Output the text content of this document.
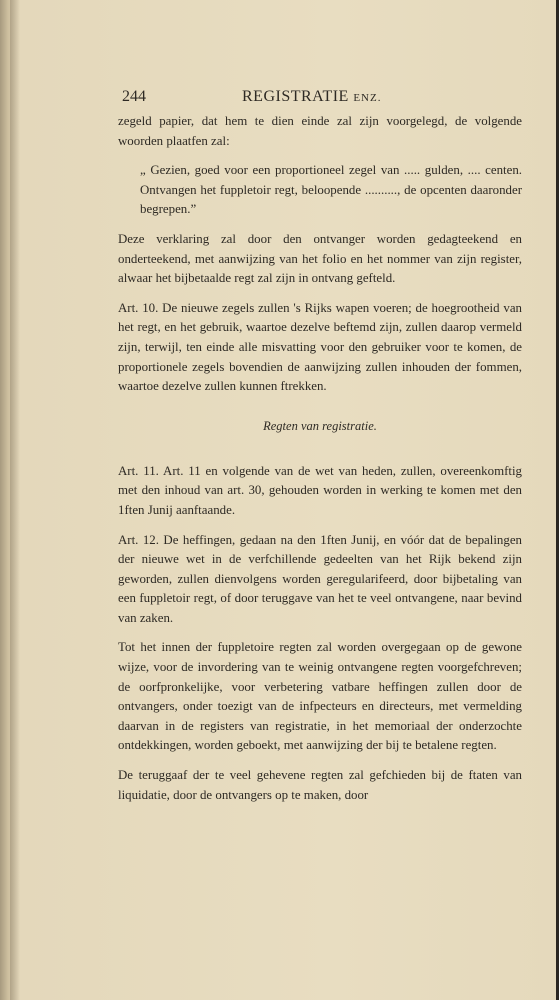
244	REGISTRATIE ENZ.

zegeld papier, dat hem te dien einde zal zijn voorgelegd, de volgende woorden plaatfen zal:

„ Gezien, goed voor een proportioneel zegel van ..... gulden, .... centen. Ontvangen het fuppletoir regt, beloopende .........., de opcenten daaronder begrepen.”

Deze verklaring zal door den ontvanger worden gedagteekend en onderteekend, met aanwijzing van het folio en het nommer van zijn register, alwaar het bijbetaalde regt zal zijn in ontvang gefteld.

Art. 10. De nieuwe zegels zullen 's Rijks wapen voeren; de hoegrootheid van het regt, en het gebruik, waartoe dezelve beftemd zijn, zullen daarop vermeld zijn, terwijl, ten einde alle misvatting voor den gebruiker voor te komen, de proportionele zegels bovendien de aanwijzing zullen inhouden der fommen, waartoe dezelve zullen kunnen ftrekken.

Regten van registratie.

Art. 11. Art. 11 en volgende van de wet van heden, zullen, overeenkomftig met den inhoud van art. 30, gehouden worden in werking te komen met den 1ften Junij aanftaande.

Art. 12. De heffingen, gedaan na den 1ften Junij, en vóór dat de bepalingen der nieuwe wet in de verfchillende gedeelten van het Rijk bekend zijn geworden, zullen dienvolgens worden geregularifeerd, door bijbetaling van een fuppletoir regt, of door teruggave van het te veel ontvangene, naar bevind van zaken.

Tot het innen der fuppletoire regten zal worden overgegaan op de gewone wijze, voor de invordering van te weinig ontvangene regten voorgefchreven; de oorfpronkelijke, voor verbetering vatbare heffingen zullen door de ontvangers, onder toezigt van de infpecteurs en directeurs, met vermelding daarvan in de registers van registratie, in het memoriaal der onderzochte ontdekkingen, worden geboekt, met aanwijzing der bij te betalene regten.

De teruggaaf der te veel gehevene regten zal gefchieden bij de ftaten van liquidatie, door de ontvangers op te maken, door
